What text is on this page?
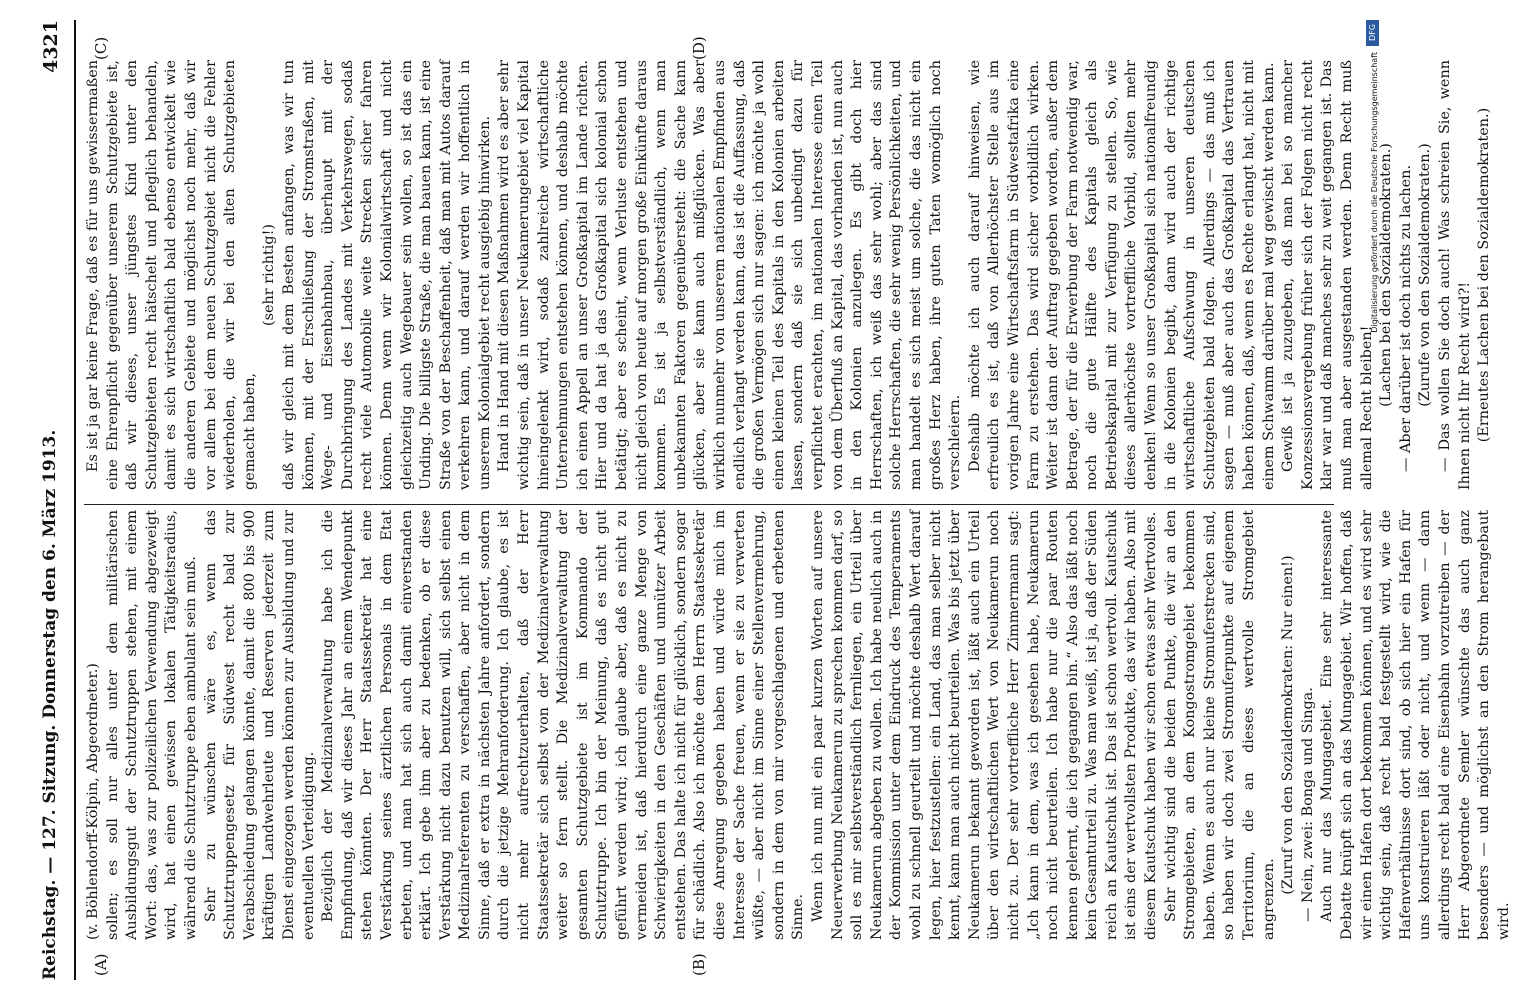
Reichstag. — 127. Sitzung. Donnerstag den 6. März 1913.
4321
(A)	(B)
(C)	(D)

(v. Böhlendorff-Kölpin, Abgeordneter.) sollen; es soll nur alles unter dem militärischen Ausbildungsgut der Schutztruppen stehen, mit einem Wort: das, was zur polizeilichen Verwendung abgezweigt wird, hat einen gewissen lokalen Tätigkeitsradius, während die Schutztruppe eben ambulant sein muß. Sehr zu wünschen wäre es, wenn das Schutztruppengesetz für Südwest recht bald zur Verabschiedung gelangen könnte, damit die 800 bis 900 kräftigen Landwehrleute und Reserven jederzeit zum Dienst eingezogen werden können zur Ausbildung und zur eventuellen Verteidigung. Bezüglich der Medizinalverwaltung habe ich die Empfindung, daß wir dieses Jahr an einem Wendepunkt stehen könnten. Der Herr Staatssekretär hat eine Verstärkung seines ärztlichen Personals in dem Etat erbeten, und man hat sich auch damit einverstanden erklärt. Ich gebe ihm aber zu bedenken, ob er diese Verstärkung nicht dazu benutzen will, sich selbst einen Medizinalreferenten zu verschaffen, aber nicht in dem Sinne, daß er extra in nächsten Jahre anfordert, sondern durch die jetzige Mehranforderung. Ich glaube, es ist nicht mehr aufrechtzuerhalten, daß der Herr Staatssekretär sich selbst von der Medizinalverwaltung weiter so fern stellt. Die Medizinalverwaltung der gesamten Schutzgebiete ist im Kommando der Schutztruppe. Ich bin der Meinung, daß es nicht gut geführt werden wird; ich glaube aber, daß es nicht zu vermeiden ist, daß hierdurch eine ganze Menge von Schwierigkeiten in den Geschäften und unnützer Arbeit entstehen. Das halte ich nicht für glücklich, sondern sogar für schädlich. Also ich möchte dem Herrn Staatssekretär diese Anregung gegeben haben und würde mich im Interesse der Sache freuen, wenn er sie zu verwerten wüßte, — aber nicht im Sinne einer Stellenvermehrung, sondern in dem von mir vorgeschlagenen und erbetenen Sinne. Wenn ich nun mit ein paar kurzen Worten auf unsere Neuerwerbung Neukamerun zu sprechen kommen darf, so soll es mir selbstverständlich fernliegen, ein Urteil über Neukamerun abgeben zu wollen. Ich habe neulich auch in der Kommission unter dem Eindruck des Temperaments wohl zu schnell geurteilt und möchte deshalb Wert darauf legen, hier festzustellen: ein Land, das man selber nicht kennt, kann man auch nicht beurteilen. Was bis jetzt über Neukamerun bekannt geworden ist, läßt auch ein Urteil über den wirtschaftlichen Wert von Neukamerun noch nicht zu. Der sehr vortreffliche Herr Zimmermann sagt: „Ich kann in dem, was ich gesehen habe, Neukamerun noch nicht beurteilen. Ich habe nur die paar Routen kennen gelernt, die ich gegangen bin.“ Also das läßt noch kein Gesamturteil zu. Was man weiß, ist ja, daß der Süden reich an Kautschuk ist. Das ist schon wertvoll. Kautschuk ist eins der wertvollsten Produkte, das wir haben. Also mit diesem Kautschuk haben wir schon etwas sehr Wertvolles. Sehr wichtig sind die beiden Punkte, die wir an den Stromgebieten, an dem Kongostromgebiet bekommen haben. Wenn es auch nur kleine Stromuferstrecken sind, so haben wir doch zwei Stromuferpunkte auf eigenem Territorium, die an dieses wertvolle Stromgebiet angrenzen.

(Zuruf von den Sozialdemokraten: Nur einen!) — Nein, zwei: Bonga und Singa. Auch nur das Mungagebiet. Eine sehr interessante Debatte knüpft sich an das Mungagebiet. Wir hoffen, daß wir einen Hafen dort bekommen können, und es wird sehr wichtig sein, daß recht bald festgestellt wird, wie die Hafenverhältnisse dort sind, ob sich hier ein Hafen für uns konstruieren läßt oder nicht, und wenn — dann allerdings recht bald eine Eisenbahn vorzutreiben — der Herr Abgeordnete Semler wünschte das auch ganz besonders — und möglichst an den Strom herangebaut wird.

Es ist ja gar keine Frage, daß es für uns gewissermaßen eine Ehrenpflicht gegenüber unserem Schutzgebiete ist, daß wir dieses, unser jüngstes Kind unter den Schutzgebieten recht hätschelt und pfleglich behandeln, damit es sich wirtschaftlich bald ebenso entwickelt wie die anderen Gebiete und möglichst noch mehr, daß wir vor allem bei dem neuen Schutzgebiet nicht die Fehler wiederholen, die wir bei den alten Schutzgebieten gemacht haben,

(sehr richtig!) daß wir gleich mit dem Besten anfangen, was wir tun können, mit der Erschließung der Stromstraßen, mit Wege- und Eisenbahnbau, überhaupt mit der Durchbringung des Landes mit Verkehrswegen, sodaß recht viele Automobile weite Strecken sicher fahren können. Denn wenn wir Kolonialwirtschaft und nicht gleichzeitig auch Wegebauer sein wollen, so ist das ein Unding. Die billigste Straße, die man bauen kann, ist eine Straße von der Beschaffenheit, daß man mit Autos darauf verkehren kann, und darauf werden wir hoffentlich in unserem Kolonialgebiet recht ausgiebig hinwirken. Hand in Hand mit diesen Maßnahmen wird es aber sehr wichtig sein, daß in unser Neukamerungebiet viel Kapital hineingelenkt wird, sodaß zahlreiche wirtschaftliche Unternehmungen entstehen können, und deshalb möchte ich einen Appell an unser Großkapital im Lande richten. Hier und da hat ja das Großkapital sich kolonial schon betätigt; aber es scheint, wenn Verluste entstehen und nicht gleich von heute auf morgen große Einkünfte daraus kommen. Es ist ja selbstverständlich, wenn man unbekannten Faktoren gegenübersteht: die Sache kann glücken, aber sie kann auch mißglücken. Was aber wirklich nunmehr von unserem nationalen Empfinden aus endlich verlangt werden kann, das ist die Auffassung, daß die großen Vermögen sich nur sagen: ich möchte ja wohl einen kleinen Teil des Kapitals in den Kolonien arbeiten lassen, sondern daß sie sich unbedingt dazu für verpflichtet erachten, im nationalen Interesse einen Teil von dem Überfluß an Kapital, das vorhanden ist, nun auch in den Kolonien anzulegen. Es gibt doch hier Herrschaften, ich weiß das sehr wohl; aber das sind solche Herrschaften, die sehr wenig Persönlichkeiten, und man handelt es sich meist um solche, die das nicht ein großes Herz haben, ihre guten Taten womöglich noch verschleiern. Deshalb möchte ich auch darauf hinweisen, wie erfreulich es ist, daß von Allerhöchster Stelle aus im vorigen Jahre eine Wirtschaftsfarm in Südwestafrika eine Farm zu erstehen. Das wird sicher vorbildlich wirken. Weiter ist dann der Auftrag gegeben worden, außer dem Betrage, der für die Erwerbung der Farm notwendig war, noch die gute Hälfte des Kapitals gleich als Betriebskapital mit zur Verfügung zu stellen. So, wie dieses allerhöchste vortreffliche Vorbild, sollten mehr denken! Wenn so unser Großkapital sich nationalfreundig in die Kolonien begibt, dann wird auch der richtige wirtschaftliche Aufschwung in unseren deutschen Schutzgebieten bald folgen. Allerdings — das muß ich sagen — muß aber auch das Großkapital das Vertrauen haben können, daß, wenn es Rechte erlangt hat, nicht mit einem Schwamm darüber mal weg gewischt werden kann. Gewiß ist ja zuzugeben, daß man bei so mancher Konzessionsvergebung früher sich der Folgen nicht recht klar war und daß manches sehr zu weit gegangen ist. Das muß man aber ausgestanden werden. Denn Recht muß allemal Recht bleiben!

(Lachen bei den Sozialdemokraten.) — Aber darüber ist doch nichts zu lachen. (Zurufe von den Sozialdemokraten.) — Das wollen Sie doch auch! Was schreien Sie, wenn Ihnen nicht Ihr Recht wird?! (Erneutes Lachen bei den Sozialdemokraten.)

DFG
Digitalisierung gefördert durch die Deutsche Forschungsgemeinschaft
